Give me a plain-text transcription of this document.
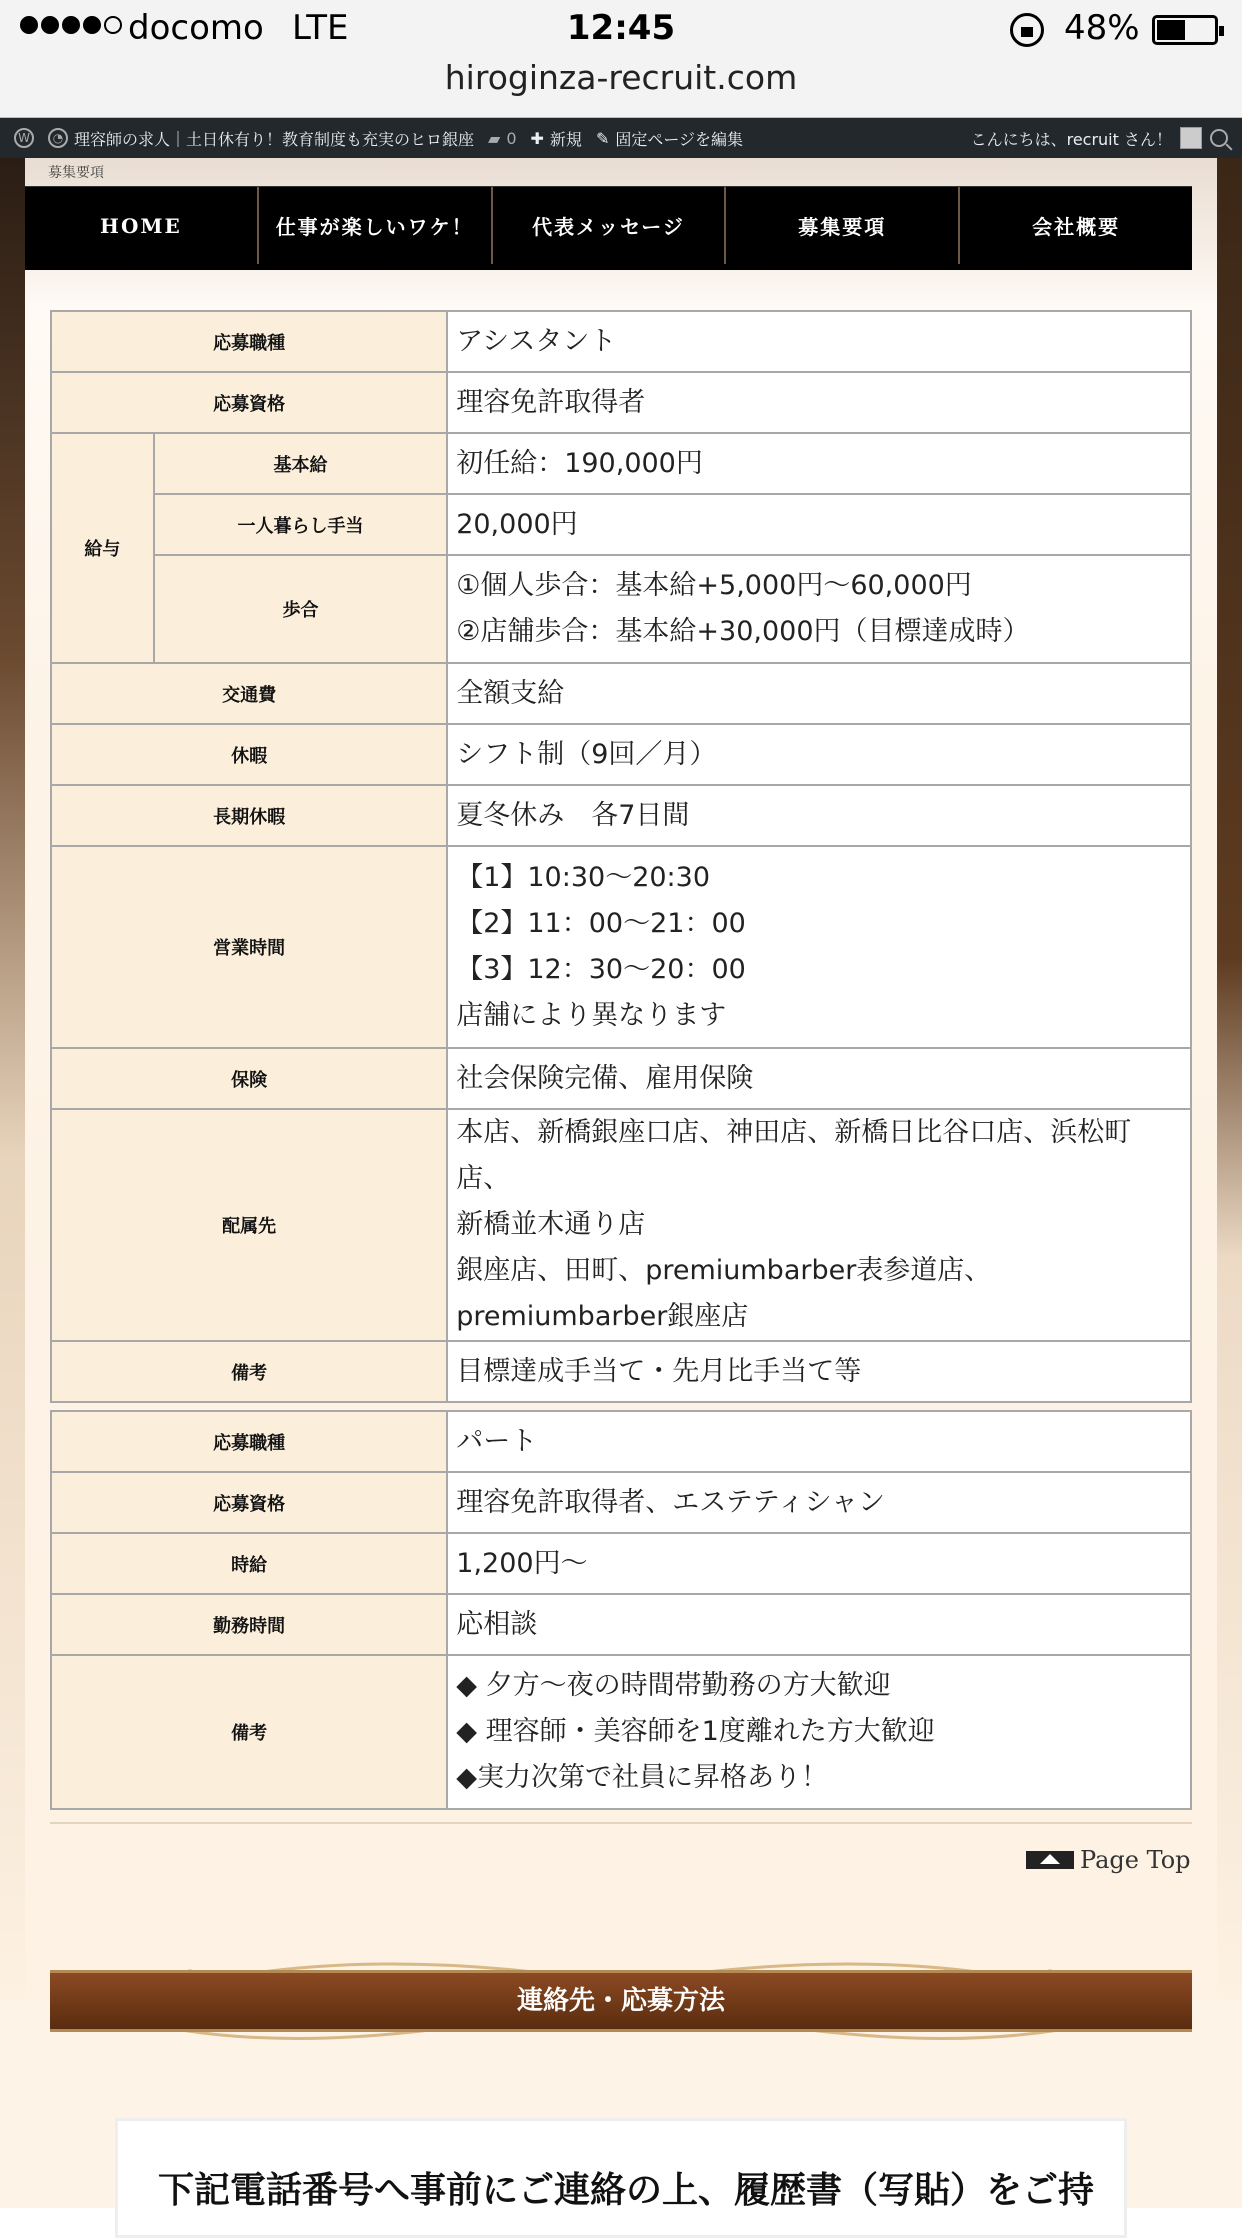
docomo LTE	12:45	48%
hiroginza-recruit.com
W	◔ 理容師の求人｜土日休有り！教育制度も充実のヒロ銀座 ▰ 0 ✚ 新規 ✎ 固定ページを編集	こんにちは、recruit さん！
募集要項
HOME	仕事が楽しいワケ！	代表メッセージ	募集要項	会社概要
応募職種		アシスタント
応募資格		理容免許取得者
給与	基本給	初任給：190,000円
	一人暮らし手当	20,000円
	歩合	①個人歩合：基本給+5,000円〜60,000円
②店舗歩合：基本給+30,000円（目標達成時）

交通費		全額支給
休暇		シフト制（9回／月）
長期休暇		夏冬休み　各7日間
営業時間		【1】10:30〜20:30
【2】11：00〜21：00
【3】12：30〜20：00
店舗により異なります

保険		社会保険完備、雇用保険
配属先		本店、新橋銀座口店、神田店、新橋日比谷口店、浜松町店、
新橋並木通り店
銀座店、田町、premiumbarber表参道店、
premiumbarber銀座店

備考		目標達成手当て・先月比手当て等
応募職種	パート
応募資格	理容免許取得者、エステティシャン
時給	1,200円〜
勤務時間	応相談
備考	◆ 夕方〜夜の時間帯勤務の方大歓迎
◆ 理容師・美容師を1度離れた方大歓迎
◆実力次第で社員に昇格あり！
Page Top
連絡先・応募方法
下記電話番号へ事前にご連絡の上、履歴書（写貼）をご持
